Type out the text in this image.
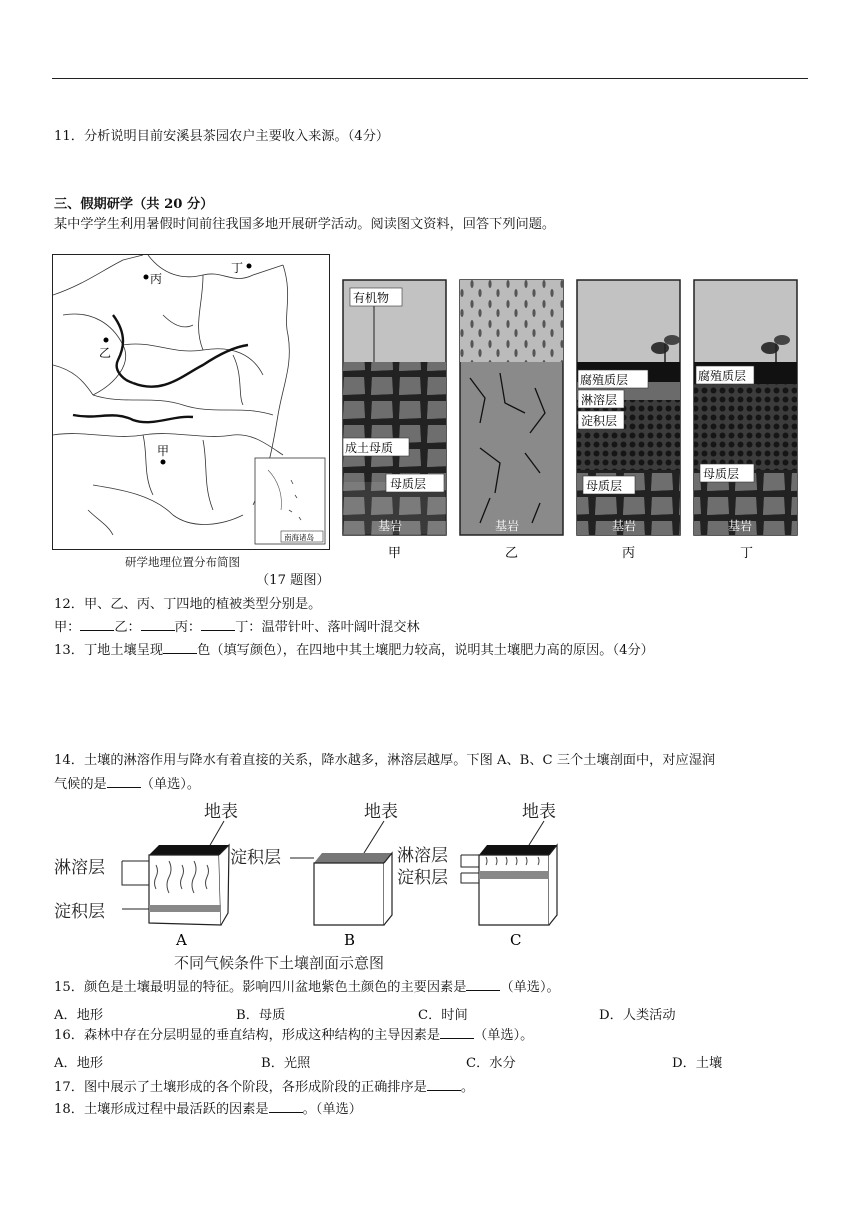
11．分析说明目前安溪县茶园农户主要收入来源。（4分）
三、假期研学（共 20 分）
某中学学生利用暑假时间前往我国多地开展研学活动。阅读图文资料，回答下列问题。
丙
丁
乙
甲
南海诸岛
研学地理位置分布简图
有机物
成土母质
母质层
基岩
甲
基岩
乙
腐殖质层
淋溶层
淀积层
母质层
基岩
丙
腐殖质层
母质层
基岩
丁
（17 题图）
12．甲、乙、丙、丁四地的植被类型分别是。
甲：	乙：	丙：	丁：温带针叶、落叶阔叶混交林
13．丁地土壤呈现	色（填写颜色），在四地中其土壤肥力较高，说明其土壤肥力高的原因。（4分）
14．土壤的淋溶作用与降水有着直接的关系，降水越多，淋溶层越厚。下图 A、B、C 三个土壤剖面中，对应湿润
气候的是	（单选）。
地表	地表	地表
淋溶层
淀积层
A
淀积层
B
淋溶层
淀积层
C
不同气候条件下土壤剖面示意图
15．颜色是土壤最明显的特征。影响四川盆地紫色土颜色的主要因素是	（单选）。
A．地形	B．母质	C．时间	D．人类活动
16．森林中存在分层明显的垂直结构，形成这种结构的主导因素是	（单选）。
A．地形	B．光照	C．水分	D．土壤
17．图中展示了土壤形成的各个阶段，各形成阶段的正确排序是	。
18．土壤形成过程中最活跃的因素是	。（单选）
